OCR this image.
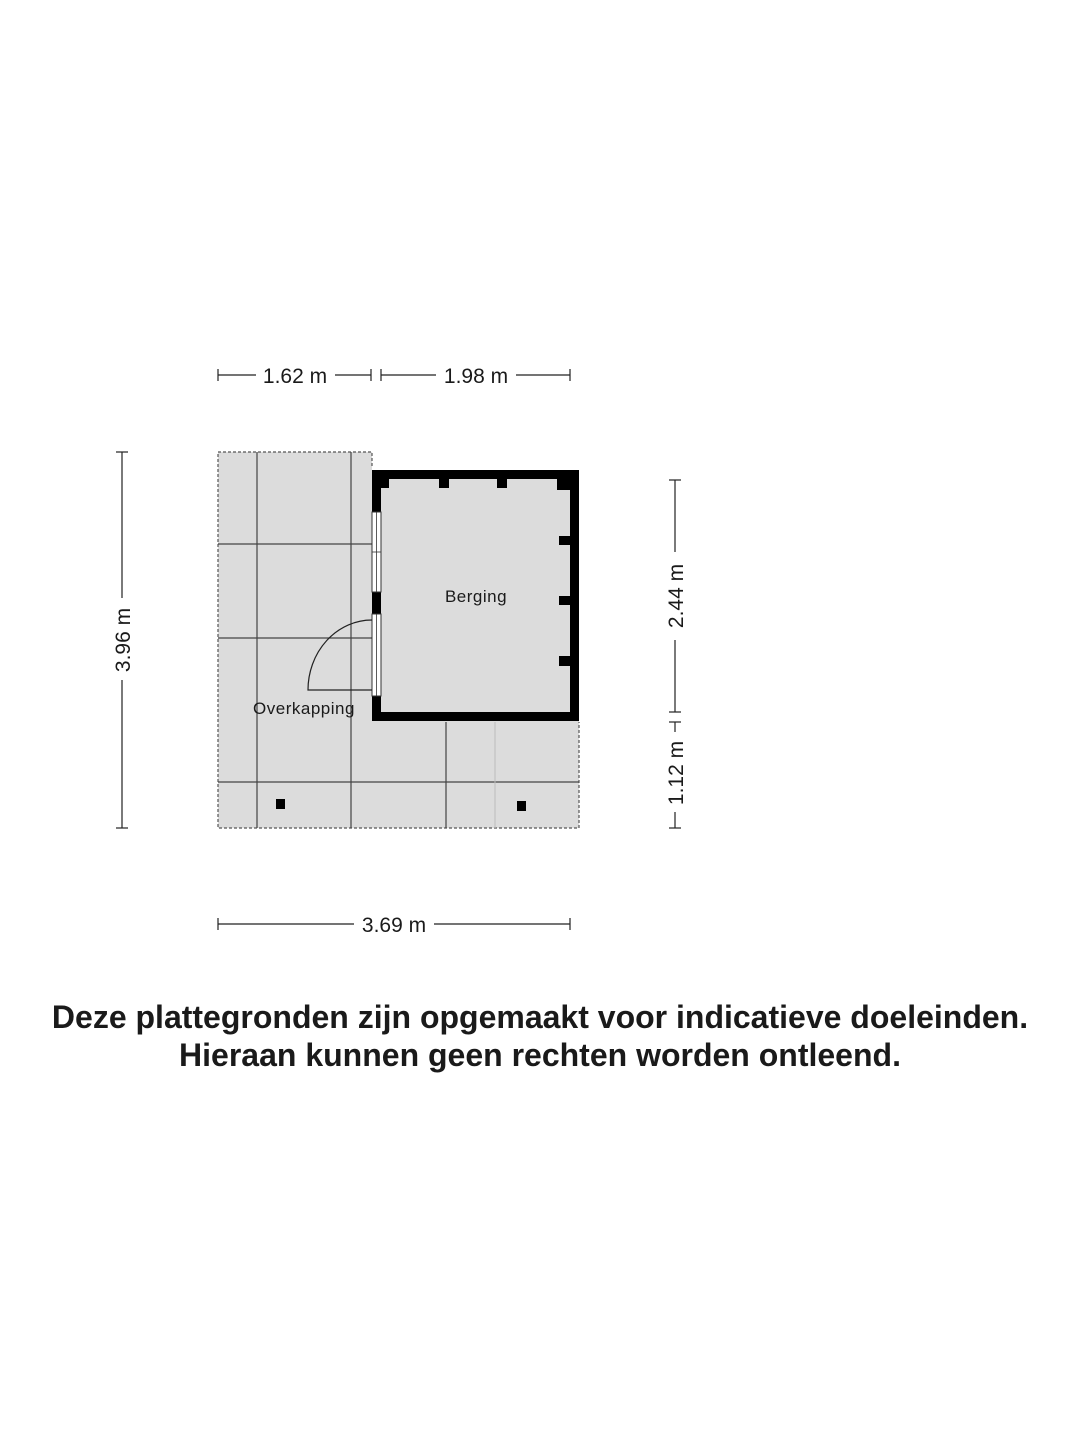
Berging
Overkapping
1.62 m	1.98 m
3.96 m
2.44 m
1.12 m
3.69 m
Deze plattegronden zijn opgemaakt voor indicatieve doeleinden.
Hieraan kunnen geen rechten worden ontleend.
